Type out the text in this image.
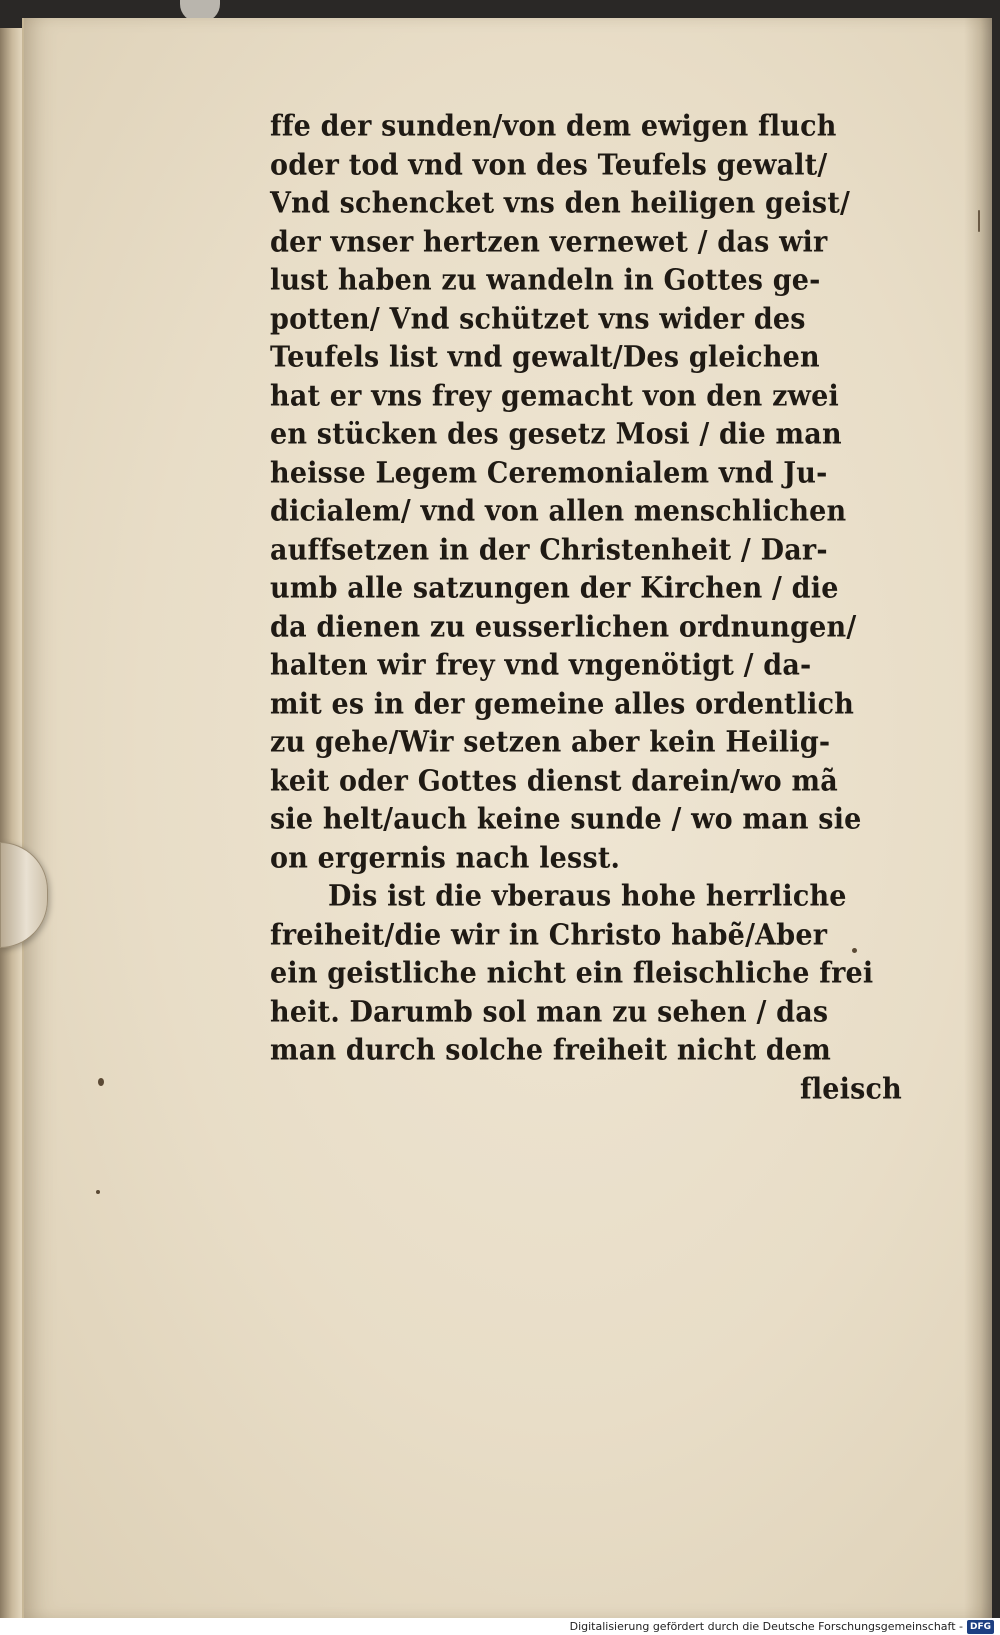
ffe der sunden/von dem ewigen fluch
oder tod vnd von des Teufels gewalt/
Vnd schencket vns den heiligen geist/
der vnser hertzen vernewet / das wir
lust haben zu wandeln in Gottes ge-
potten/ Vnd schützet vns wider des
Teufels list vnd gewalt/Des gleichen
hat er vns frey gemacht von den zwei
en stücken des gesetz Mosi / die man
heisse Legem Ceremonialem vnd Ju-
dicialem/ vnd von allen menschlichen
auffsetzen in der Christenheit / Dar-
umb alle satzungen der Kirchen / die
da dienen zu eusserlichen ordnungen/
halten wir frey vnd vngenötigt / da-
mit es in der gemeine alles ordentlich
zu gehe/Wir setzen aber kein Heilig-
keit oder Gottes dienst darein/wo mã
sie helt/auch keine sunde / wo man sie
on ergernis nach lesst.
Dis ist die vberaus hohe herrliche
freiheit/die wir in Christo habẽ/Aber
ein geistliche nicht ein fleischliche frei
heit. Darumb sol man zu sehen / das
man durch solche freiheit nicht dem
fleisch
Digitalisierung gefördert durch die Deutsche Forschungsgemeinschaft - DFG
